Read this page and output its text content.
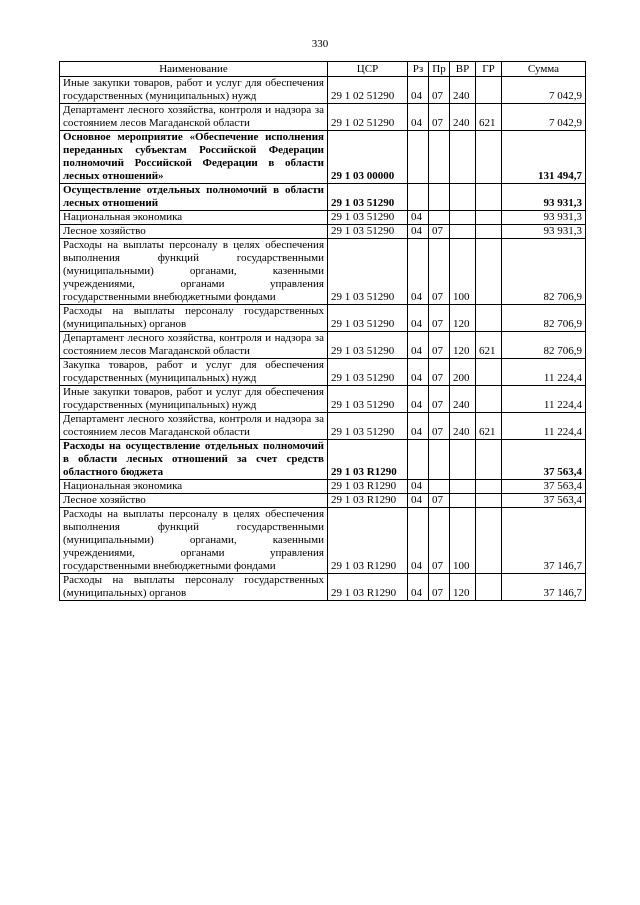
330
Наименование	ЦСР	Рз	Пр	ВР	ГР	Сумма
Иные закупки товаров, работ и услуг для обеспечения государственных (муниципальных) нужд	29 1 02 51290	04	07	240		7 042,9
Департамент лесного хозяйства, контроля и надзора за состоянием лесов Магаданской области	29 1 02 51290	04	07	240	621	7 042,9
Основное мероприятие «Обеспечение исполнения переданных субъектам Российской Федерации полномочий Российской Федерации в области лесных отношений»	29 1 03 00000					131 494,7
Осуществление отдельных полномочий в области лесных отношений	29 1 03 51290					93 931,3
Национальная экономика	29 1 03 51290	04				93 931,3
Лесное хозяйство	29 1 03 51290	04	07			93 931,3
Расходы на выплаты персоналу в целях обеспечения выполнения функций государственными (муниципальными) органами, казенными учреждениями, органами управления государственными внебюджетными фондами	29 1 03 51290	04	07	100		82 706,9
Расходы на выплаты персоналу государственных (муниципальных) органов	29 1 03 51290	04	07	120		82 706,9
Департамент лесного хозяйства, контроля и надзора за состоянием лесов Магаданской области	29 1 03 51290	04	07	120	621	82 706,9
Закупка товаров, работ и услуг для обеспечения государственных (муниципальных) нужд	29 1 03 51290	04	07	200		11 224,4
Иные закупки товаров, работ и услуг для обеспечения государственных (муниципальных) нужд	29 1 03 51290	04	07	240		11 224,4
Департамент лесного хозяйства, контроля и надзора за состоянием лесов Магаданской области	29 1 03 51290	04	07	240	621	11 224,4
Расходы на осуществление отдельных полномочий в области лесных отношений за счет средств областного бюджета	29 1 03 R1290					37 563,4
Национальная экономика	29 1 03 R1290	04				37 563,4
Лесное хозяйство	29 1 03 R1290	04	07			37 563,4
Расходы на выплаты персоналу в целях обеспечения выполнения функций государственными (муниципальными) органами, казенными учреждениями, органами управления государственными внебюджетными фондами	29 1 03 R1290	04	07	100		37 146,7
Расходы на выплаты персоналу государственных (муниципальных) органов	29 1 03 R1290	04	07	120		37 146,7
